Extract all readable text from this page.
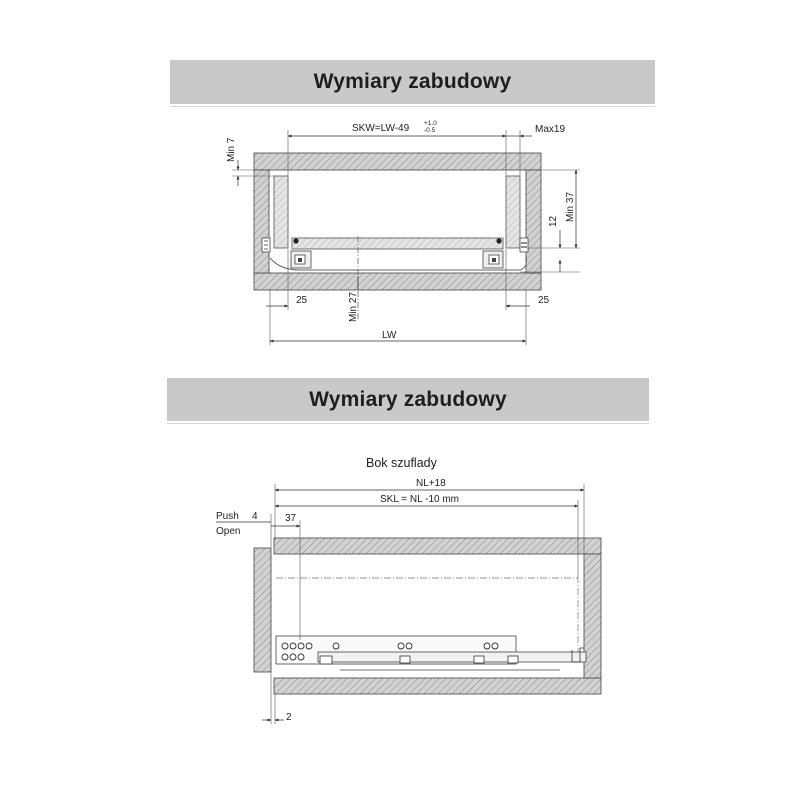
Wymiary zabudowy
Wymiary zabudowy
SKW=LW-49 +1.0
-0.5	Max19
Min 7
Min 37
12
25	25
Min 27
LW
Bok szuflady
NL+18
SKL = NL -10 mm
Push
Open
4	37
2
